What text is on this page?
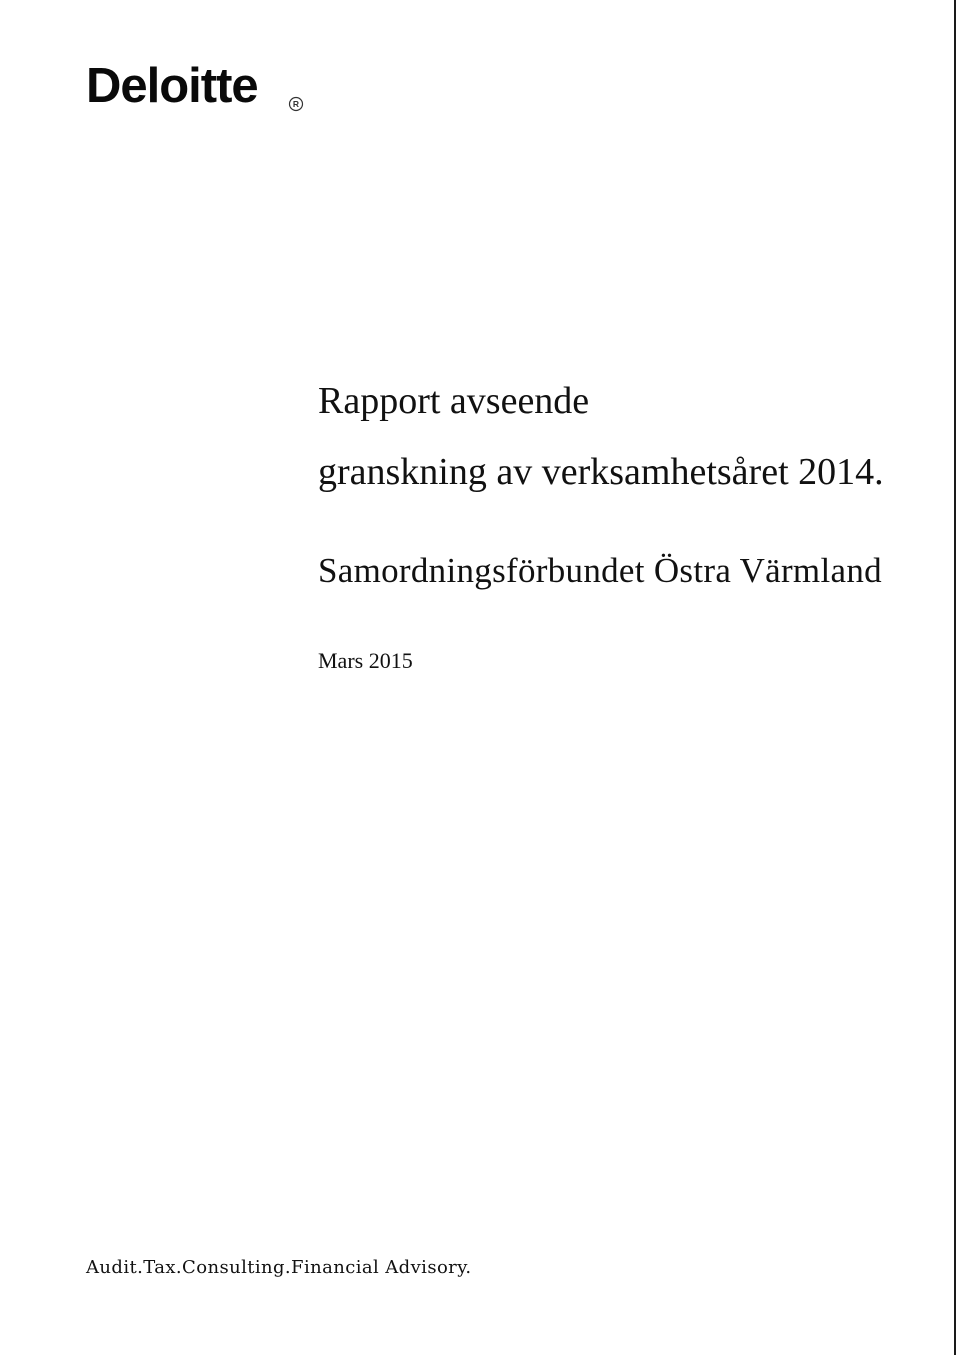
Deloitte	R
Rapport avseende
granskning av verksamhetsåret 2014.
Samordningsförbundet Östra Värmland
Mars 2015
Audit.Tax.Consulting.Financial Advisory.
